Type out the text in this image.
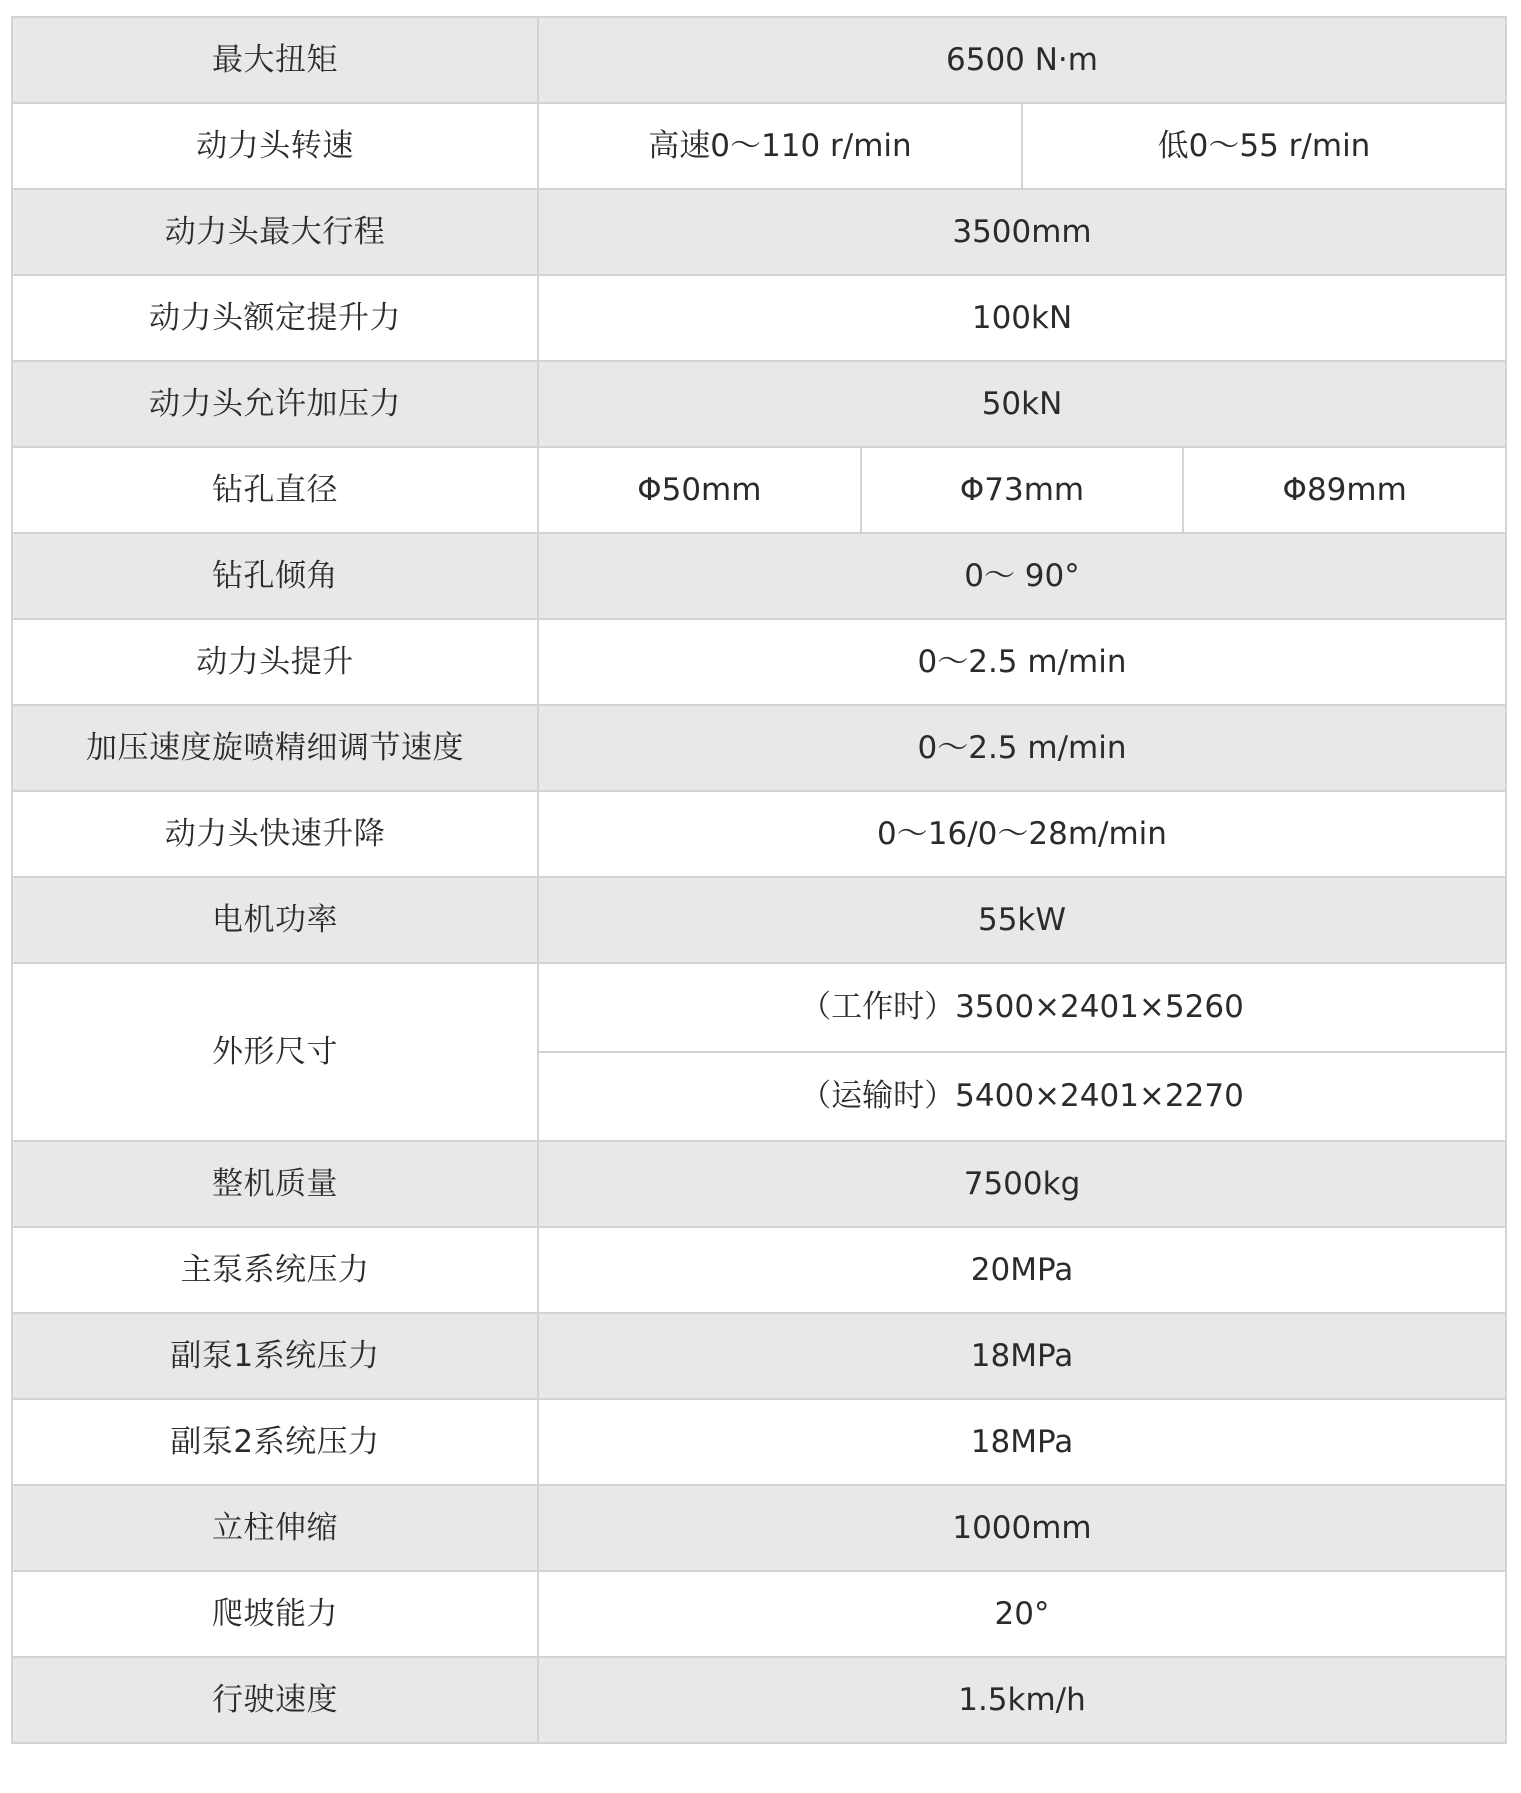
最大扭矩	6500 N·m
动力头转速	高速0～110 r/min 低0～55 r/min

动力头最大行程	3500mm
动力头额定提升力	100kN
动力头允许加压力	50kN
钻孔直径	Φ50mm Φ73mm Φ89mm

钻孔倾角	0～ 90°
动力头提升	0～2.5 m/min
加压速度旋喷精细调节速度	0～2.5 m/min
动力头快速升降	0～16/0～28m/min
电机功率	55kW
外形尺寸	（工作时）3500×2401×5260
（运输时）5400×2401×2270

整机质量	7500kg
主泵系统压力	20MPa
副泵1系统压力	18MPa
副泵2系统压力	18MPa
立柱伸缩	1000mm
爬坡能力	20°
行驶速度	1.5km/h
